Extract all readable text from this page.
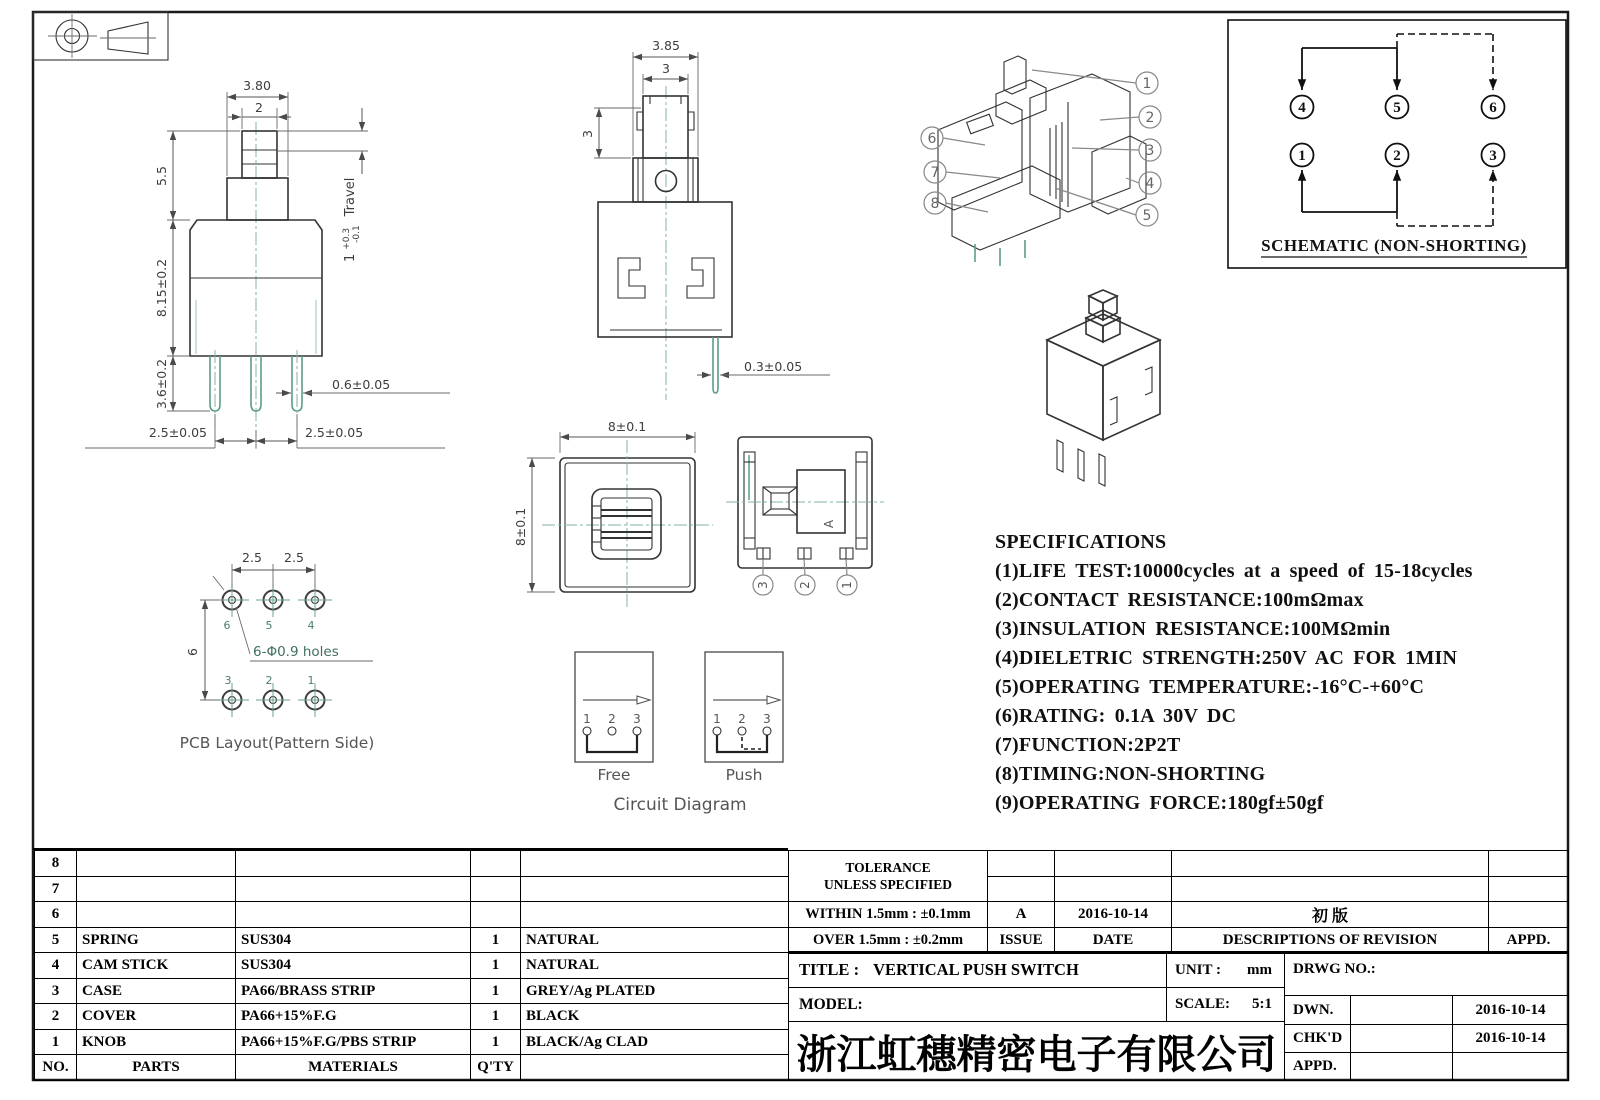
3.80
2
5.5
8.15±0.2
3.6±0.2	0.6±0.05
2.5±0.05	2.5±0.05
1 $^{+0.3}$ -0.1 Travel
3.85
3
3
0.3±0.05
8±0.1
8±0.1	A
3 2 1
6	5	4
3	2	1
2.5 2.5
6	6-Φ0.9 holes
PCB Layout(Pattern Side)
1 2 3
Free
1 2 3
Push
Circuit Diagram
1
2
3
4
5
6
7
8
4	5	6
1	2	3
SCHEMATIC (NON-SHORTING)
SPECIFICATIONS
(1)LIFE TEST:10000cycles at a speed of 15-18cycles
(2)CONTACT RESISTANCE:100mΩmax
(3)INSULATION RESISTANCE:100MΩmin
(4)DIELETRIC STRENGTH:250V AC FOR 1MIN
(5)OPERATING TEMPERATURE:-16°C-+60°C
(6)RATING: 0.1A 30V DC
(7)FUNCTION:2P2T
(8)TIMING:NON-SHORTING
(9)OPERATING FORCE:180gf±50gf
8
7
6
5	SPRING	SUS304	1	NATURAL
4	CAM STICK	SUS304	1	NATURAL
3	CASE	PA66/BRASS STRIP	1	GREY/Ag PLATED
2	COVER	PA66+15%F.G	1	BLACK
1	KNOB	PA66+15%F.G/PBS STRIP	1	BLACK/Ag CLAD
NO.	PARTS	MATERIALS	Q'TY
TOLERANCE
UNLESS SPECIFIED
WITHIN 1.5mm : ±0.1mm	A	2016-10-14	初 版
OVER 1.5mm : ±0.2mm	ISSUE	DATE	DESCRIPTIONS OF REVISION	APPD.
TITLE : VERTICAL PUSH SWITCH	UNIT : mm
MODEL:	SCALE: 5:1
浙江虹穗精密电子有限公司
DRWG NO.:
DWN.	2016-10-14
CHK'D	2016-10-14
APPD.
